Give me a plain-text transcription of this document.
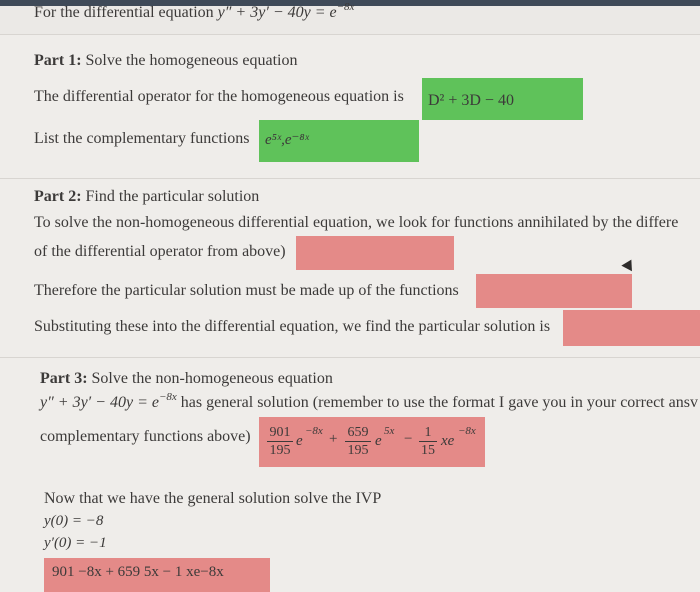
For the differential equation $y'' + 3y' - 40y = e^{-8x}$
Part 1: Solve the homogeneous equation
The differential operator for the homogeneous equation is D² + 3D − 40
List the complementary functions e⁵ˣ,e⁻⁸ˣ
Part 2: Find the particular solution
To solve the non-homogeneous differential equation, we look for functions annihilated by the differe
of the differential operator from above)
Therefore the particular solution must be made up of the functions
Substituting these into the differential equation, we find the particular solution is
Part 3: Solve the non-homogeneous equation
$y'' + 3y' - 40y = e^{-8x}$ has general solution (remember to use the format I gave you in your correct ansv
complementary functions above) 901
195
e
−8x + 659
195
e
5x − 1
15
xe
−8x
Now that we have the general solution solve the IVP
y(0) = −8
y′(0) = −1
901 −8x + 659 5x − 1 xe−8x
